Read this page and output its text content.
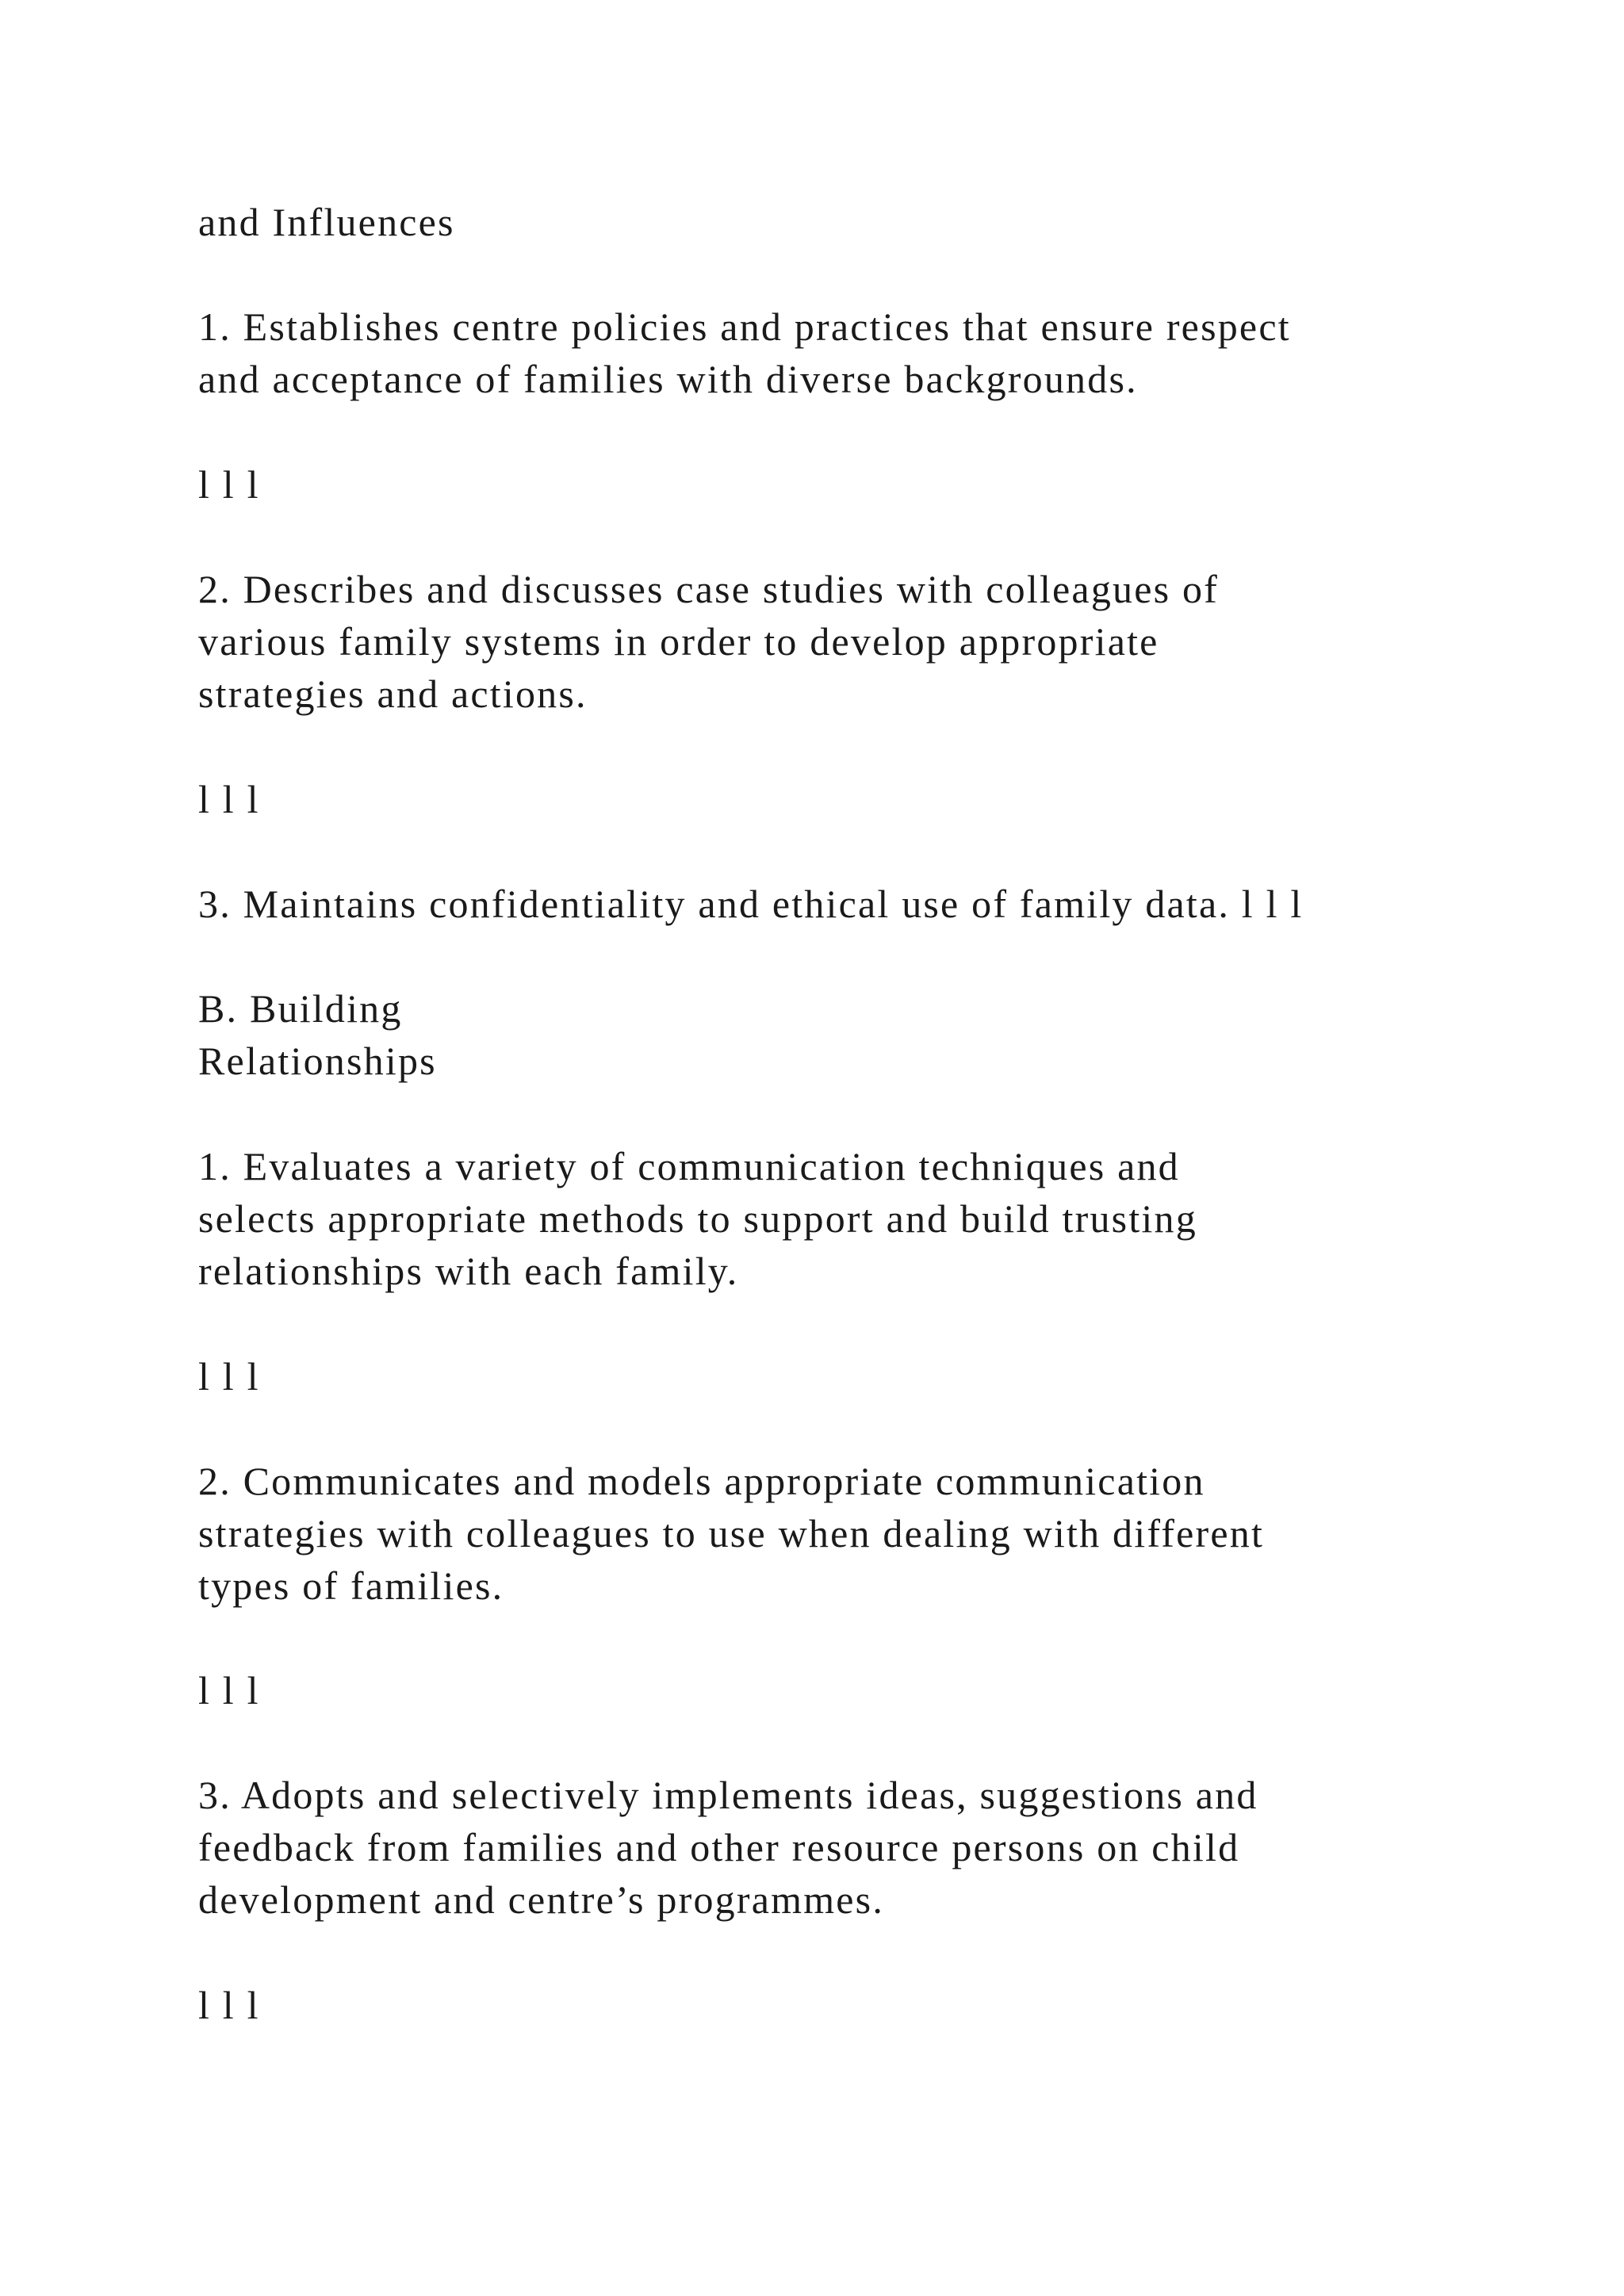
and Influences

1. Establishes centre policies and practices that ensure respect
and acceptance of families with diverse backgrounds.

l l l

2. Describes and discusses case studies with colleagues of
various family systems in order to develop appropriate
strategies and actions.

l l l

3. Maintains confidentiality and ethical use of family data. l l l

B. Building
Relationships

1. Evaluates a variety of communication techniques and
selects appropriate methods to support and build trusting
relationships with each family.

l l l

2. Communicates and models appropriate communication
strategies with colleagues to use when dealing with different
types of families.

l l l

3. Adopts and selectively implements ideas, suggestions and
feedback from families and other resource persons on child
development and centre’s programmes.

l l l
